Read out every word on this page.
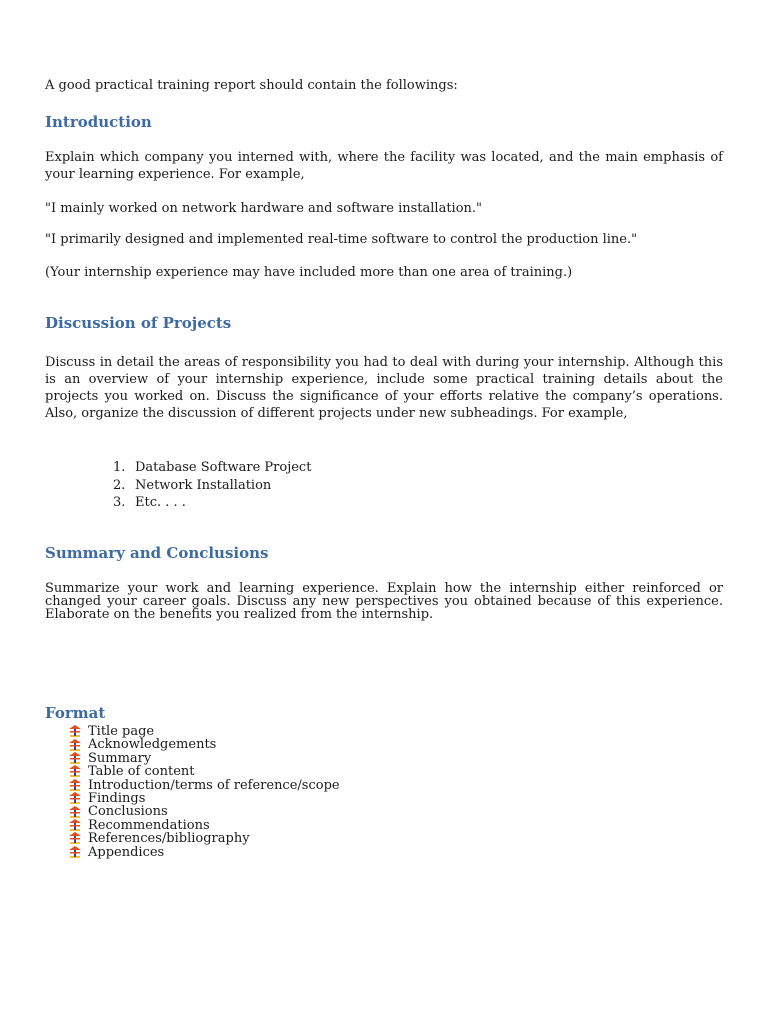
A good practical training report should contain the followings:

Introduction

Explain which company you interned with, where the facility was located, and the main emphasis of your learning experience. For example,

"I mainly worked on network hardware and software installation."

"I primarily designed and implemented real-time software to control the production line."

(Your internship experience may have included more than one area of training.)

Discussion of Projects

Discuss in detail the areas of responsibility you had to deal with during your internship. Although this is an overview of your internship experience, include some practical training details about the projects you worked on. Discuss the significance of your efforts relative the company’s operations. Also, organize the discussion of different projects under new subheadings. For example,

1. Database Software Project
2. Network Installation
3. Etc. . . .
Summary and Conclusions

Summarize your work and learning experience. Explain how the internship either reinforced or changed your career goals. Discuss any new perspectives you obtained because of this experience. Elaborate on the benefits you realized from the internship.

Format
Title page
Acknowledgements
Summary
Table of content
Introduction/terms of reference/scope
Findings
Conclusions
Recommendations
References/bibliography
Appendices
